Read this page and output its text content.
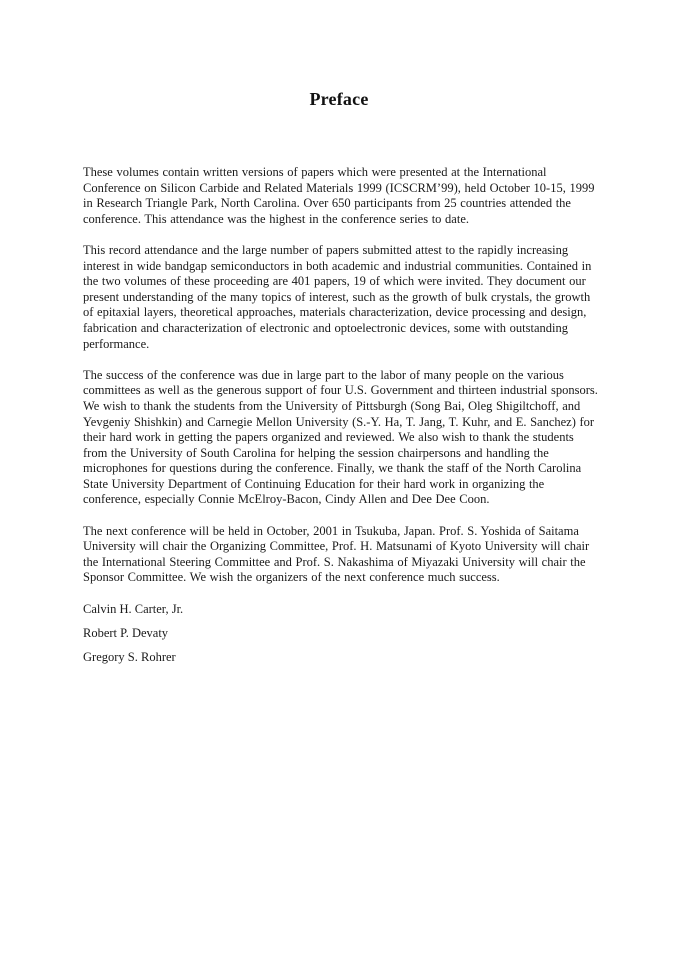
Preface

These volumes contain written versions of papers which were presented at the International Conference on Silicon Carbide and Related Materials 1999 (ICSCRM’99), held October 10-15, 1999 in Research Triangle Park, North Carolina. Over 650 participants from 25 countries attended the conference. This attendance was the highest in the conference series to date.

This record attendance and the large number of papers submitted attest to the rapidly increasing interest in wide bandgap semiconductors in both academic and industrial communities. Contained in the two volumes of these proceeding are 401 papers, 19 of which were invited. They document our present understanding of the many topics of interest, such as the growth of bulk crystals, the growth of epitaxial layers, theoretical approaches, materials characterization, device processing and design, fabrication and characterization of electronic and optoelectronic devices, some with outstanding performance.

The success of the conference was due in large part to the labor of many people on the various committees as well as the generous support of four U.S. Government and thirteen industrial sponsors. We wish to thank the students from the University of Pittsburgh (Song Bai, Oleg Shigiltchoff, and Yevgeniy Shishkin) and Carnegie Mellon University (S.-Y. Ha, T. Jang, T. Kuhr, and E. Sanchez) for their hard work in getting the papers organized and reviewed. We also wish to thank the students from the University of South Carolina for helping the session chairpersons and handling the microphones for questions during the conference. Finally, we thank the staff of the North Carolina State University Department of Continuing Education for their hard work in organizing the conference, especially Connie McElroy-Bacon, Cindy Allen and Dee Dee Coon.

The next conference will be held in October, 2001 in Tsukuba, Japan. Prof. S. Yoshida of Saitama University will chair the Organizing Committee, Prof. H. Matsunami of Kyoto University will chair the International Steering Committee and Prof. S. Nakashima of Miyazaki University will chair the Sponsor Committee. We wish the organizers of the next conference much success.

Calvin H. Carter, Jr.

Robert P. Devaty

Gregory S. Rohrer
